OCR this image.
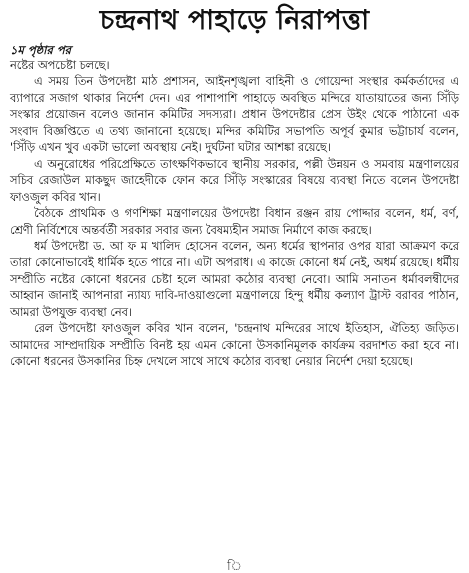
চন্দ্রনাথ পাহাড়ে নিরাপত্তা
১ম পৃষ্ঠার পর

নষ্টের অপচেষ্টা চলছে।

এ সময় তিন উপদেষ্টা মাঠ প্রশাসন, আইনশৃঙ্খলা বাহিনী ও গোয়েন্দা সংস্থার কর্মকর্তাদের এ ব্যাপারে সজাগ থাকার নির্দেশ দেন। এর পাশাপাশি পাহাড়ে অবস্থিত মন্দিরে যাতায়াতের জন্য সিঁড়ি সংস্কার প্রয়োজন বলেও জানান কমিটির সদস্যরা। প্রধান উপদেষ্টার প্রেস উইং থেকে পাঠানো এক সংবাদ বিজ্ঞপ্তিতে এ তথ্য জানানো হয়েছে। মন্দির কমিটির সভাপতি অপূর্ব কুমার ভট্টাচার্য বলেন, 'সিঁড়ি এখন খুব একটা ভালো অবস্থায় নেই। দুর্ঘটনা ঘটার আশঙ্কা রয়েছে।

এ অনুরোধের পরিপ্রেক্ষিতে তাৎক্ষণিকভাবে স্থানীয় সরকার, পল্লী উন্নয়ন ও সমবায় মন্ত্রণালয়ের সচিব রেজাউল মাকছুদ জাহেদীকে ফোন করে সিঁড়ি সংস্কারের বিষয়ে ব্যবস্থা নিতে বলেন উপদেষ্টা ফাওজুল কবির খান।

বৈঠকে প্রাথমিক ও গণশিক্ষা মন্ত্রণালয়ের উপদেষ্টা বিধান রঞ্জন রায় পোদ্দার বলেন, ধর্ম, বর্ণ, শ্রেণী নির্বিশেষে অন্তর্বর্তী সরকার সবার জন্য বৈষম্যহীন সমাজ নির্মাণে কাজ করছে।

ধর্ম উপদেষ্টা ড. আ ফ ম খালিদ হোসেন বলেন, অন্য ধর্মের স্থাপনার ওপর যারা আক্রমণ করে তারা কোনোভাবেই ধার্মিক হতে পারে না। এটা অপরাধ। এ কাজে কোনো ধর্ম নেই, অধর্ম রয়েছে। ধর্মীয় সম্প্রীতি নষ্টের কোনো ধরনের চেষ্টা হলে আমরা কঠোর ব্যবস্থা নেবো। আমি সনাতন ধর্মাবলম্বীদের আহ্বান জানাই আপনারা ন্যায্য দাবি-দাওয়াগুলো মন্ত্রণালয়ে হিন্দু ধর্মীয় কল্যাণ ট্রাস্ট বরাবর পাঠান, আমরা উপযুক্ত ব্যবস্থা নেব।

রেল উপদেষ্টা ফাওজুল কবির খান বলেন, 'চন্দ্রনাথ মন্দিরের সাথে ইতিহাস, ঐতিহ্য জড়িত। আমাদের সাম্প্রদায়িক সম্প্রীতি বিনষ্ট হয় এমন কোনো উসকানিমূলক কার্যক্রম বরদাশত করা হবে না। কোনো ধরনের উসকানির চিহ্ন দেখলে সাথে সাথে কঠোর ব্যবস্থা নেয়ার নির্দেশ দেয়া হয়েছে।

ি
